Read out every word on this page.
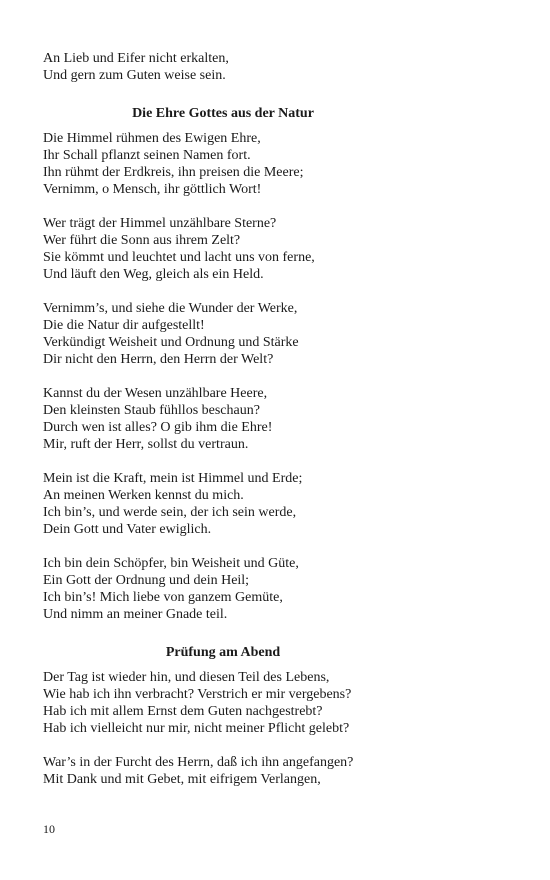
An Lieb und Eifer nicht erkalten,
Und gern zum Guten weise sein.
Die Ehre Gottes aus der Natur
Die Himmel rühmen des Ewigen Ehre,
Ihr Schall pflanzt seinen Namen fort.
Ihn rühmt der Erdkreis, ihn preisen die Meere;
Vernimm, o Mensch, ihr göttlich Wort!
Wer trägt der Himmel unzählbare Sterne?
Wer führt die Sonn aus ihrem Zelt?
Sie kömmt und leuchtet und lacht uns von ferne,
Und läuft den Weg, gleich als ein Held.
Vernimm’s, und siehe die Wunder der Werke,
Die die Natur dir aufgestellt!
Verkündigt Weisheit und Ordnung und Stärke
Dir nicht den Herrn, den Herrn der Welt?
Kannst du der Wesen unzählbare Heere,
Den kleinsten Staub fühllos beschaun?
Durch wen ist alles? O gib ihm die Ehre!
Mir, ruft der Herr, sollst du vertraun.
Mein ist die Kraft, mein ist Himmel und Erde;
An meinen Werken kennst du mich.
Ich bin’s, und werde sein, der ich sein werde,
Dein Gott und Vater ewiglich.
Ich bin dein Schöpfer, bin Weisheit und Güte,
Ein Gott der Ordnung und dein Heil;
Ich bin’s! Mich liebe von ganzem Gemüte,
Und nimm an meiner Gnade teil.
Prüfung am Abend
Der Tag ist wieder hin, und diesen Teil des Lebens,
Wie hab ich ihn verbracht? Verstrich er mir vergebens?
Hab ich mit allem Ernst dem Guten nachgestrebt?
Hab ich vielleicht nur mir, nicht meiner Pflicht gelebt?
War’s in der Furcht des Herrn, daß ich ihn angefangen?
Mit Dank und mit Gebet, mit eifrigem Verlangen,
10
